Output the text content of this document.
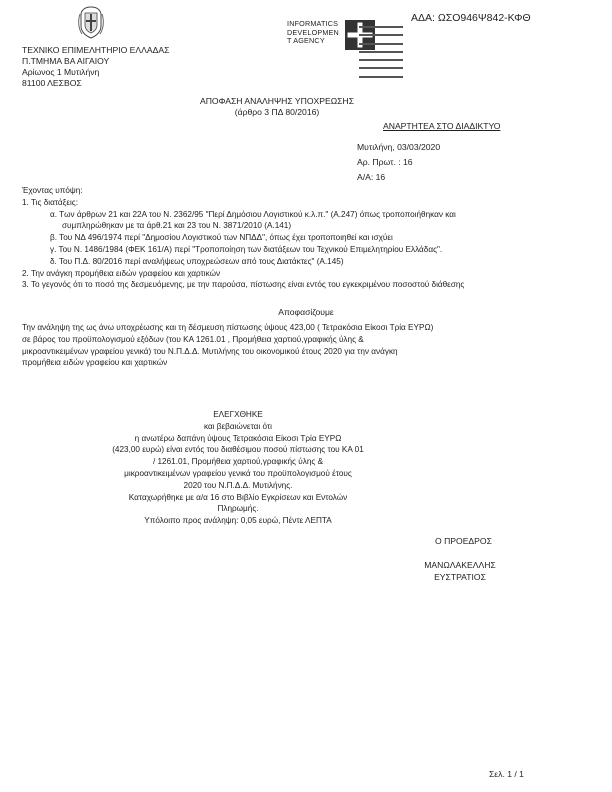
ΑΔΑ: ΩΣΟ946Ψ842-ΚΦΘ
INFORMATICS
DEVELOPMEN
T AGENCY
ΤΕΧΝΙΚΟ ΕΠΙΜΕΛΗΤΗΡΙΟ ΕΛΛΑΔΑΣ
Π.ΤΜΗΜΑ ΒΑ ΑΙΓΑΙΟΥ
Αρίωνος 1 Μυτιλήνη
81100 ΛΕΣΒΟΣ
ΑΠΟΦΑΣΗ ΑΝΑΛΗΨΗΣ ΥΠΟΧΡΕΩΣΗΣ
(άρθρο 3 ΠΔ 80/2016)
ΑΝΑΡΤΗΤΕΑ ΣΤΟ ΔΙΑΔΙΚΤΥΟ
Μυτιλήνη, 03/03/2020
Αρ. Πρωτ. : 16
Α/Α: 16
Έχοντας υπόψη:
1. Τις διατάξεις:
α. Των άρθρων 21 και 22Α του Ν. 2362/95 "Περί Δημόσιου Λογιστικού κ.λ.π." (Α.247) όπως τροποποιήθηκαν και
συμπληρώθηκαν με τα άρθ.21 και 23 του Ν. 3871/2010 (Α.141)
β. Του ΝΔ 496/1974 περί "Δημοσίου Λογιστικού των ΝΠΔΔ", όπως έχει τροποποιηθεί και ισχύει
γ. Του Ν. 1486/1984 (ΦΕΚ 161/Α) περί "Τροποποίηση των διατάξεων του Τεχνικού Επιμελητηρίου Ελλάδας".
δ. Του Π.Δ. 80/2016 περί αναλήψεως υποχρεώσεων από τους Διατάκτες" (Α.145)
2. Την ανάγκη προμήθεια ειδών γραφείου και χαρτικών
3. Το γεγονός ότι το ποσό της δεσμευόμενης, με την παρούσα, πίστωσης είναι εντός του εγκεκριμένου ποσοστού διάθεσης
Αποφασίζουμε
Την ανάληψη της ως άνω υποχρέωσης και τη δέσμευση πίστωσης ύψους 423,00 ( Τετρακόσια Είκοσι Τρία ΕΥΡΩ)
σε βάρος του προϋπολογισμού εξόδων (του ΚΑ 1261.01 , Προμήθεια χαρτιού,γραφικής ύλης &
μικροαντικειμένων γραφείου γενικά) του Ν.Π.Δ.Δ. Μυτιλήνης του οικονομικού έτους 2020 για την ανάγκη
προμήθεια ειδών γραφείου και χαρτικών
ΕΛΕΓΧΘΗΚΕ
και βεβαιώνεται ότι
η ανωτέρω δαπάνη ύψους Τετρακόσια Είκοσι Τρία ΕΥΡΩ
(423,00 ευρώ) είναι εντός του διαθέσιμου ποσού πίστωσης του ΚΑ 01
/ 1261.01, Προμήθεια χαρτιού,γραφικής ύλης &
μικροαντικειμένων γραφείου γενικά του προϋπολογισμού έτους
2020 του Ν.Π.Δ.Δ. Μυτιλήνης.
Καταχωρήθηκε με α/α 16 στο Βιβλίο Εγκρίσεων και Εντολών
Πληρωμής.
Υπόλοιπο προς ανάληψη: 0,05 ευρώ, Πέντε ΛΕΠΤΑ
Ο ΠΡΟΕΔΡΟΣ
ΜΑΝΩΛΑΚΕΛΛΗΣ
ΕΥΣΤΡΑΤΙΟΣ
Σελ. 1 / 1
